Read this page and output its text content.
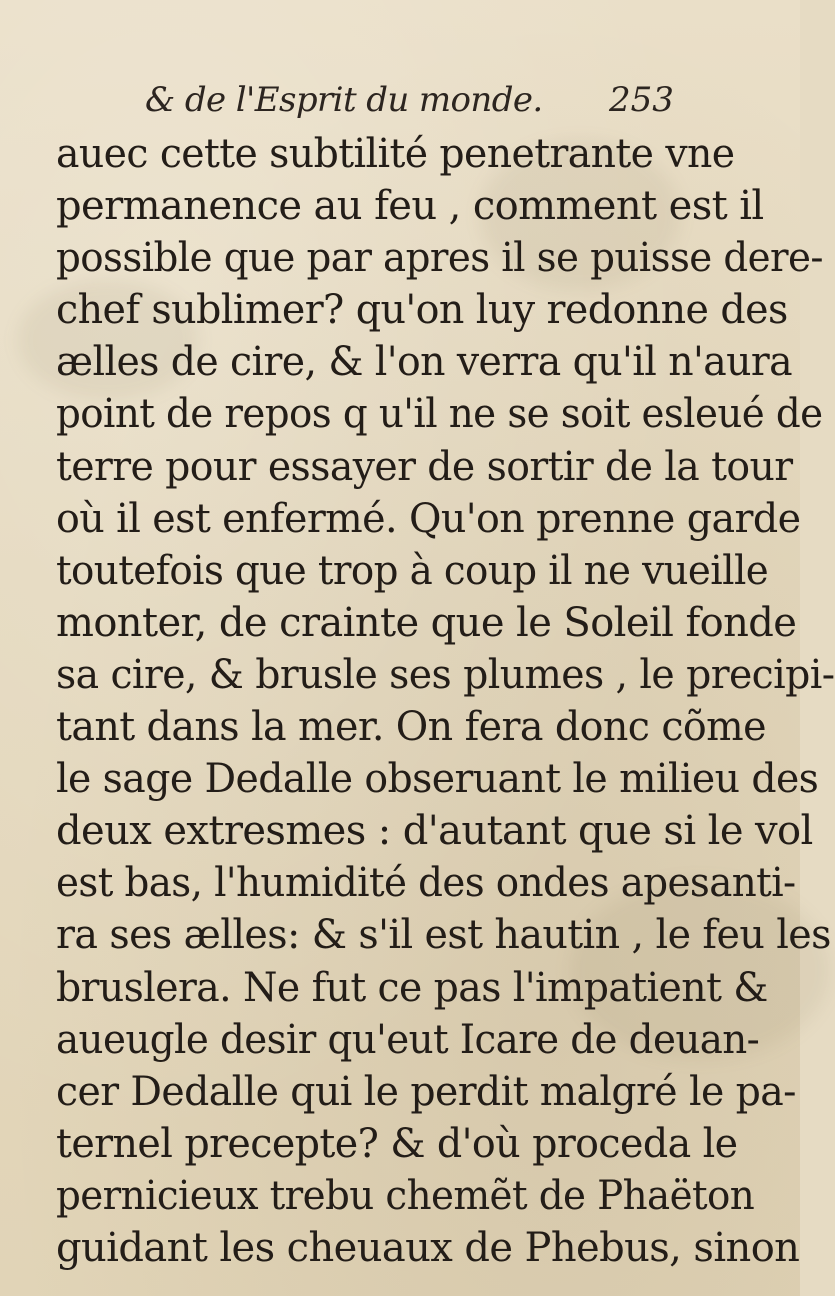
& de l'Esprit du monde. 253
auec cette subtilité penetrante vne
permanence au feu , comment est il
possible que par apres il se puisse dere-
chef sublimer? qu'on luy redonne des
ælles de cire, & l'on verra qu'il n'aura
point de repos q u'il ne se soit esleué de
terre pour essayer de sortir de la tour
où il est enfermé. Qu'on prenne garde
toutefois que trop à coup il ne vueille
monter, de crainte que le Soleil fonde
sa cire, & brusle ses plumes , le precipi-
tant dans la mer. On fera donc cõme
le sage Dedalle obseruant le milieu des
deux extresmes : d'autant que si le vol
est bas, l'humidité des ondes apesanti-
ra ses ælles: & s'il est hautin , le feu les
bruslera. Ne fut ce pas l'impatient &
aueugle desir qu'eut Icare de deuan-
cer Dedalle qui le perdit malgré le pa-
ternel precepte? & d'où proceda le
pernicieux trebu chemẽt de Phaëton
guidant les cheuaux de Phebus, sinon
